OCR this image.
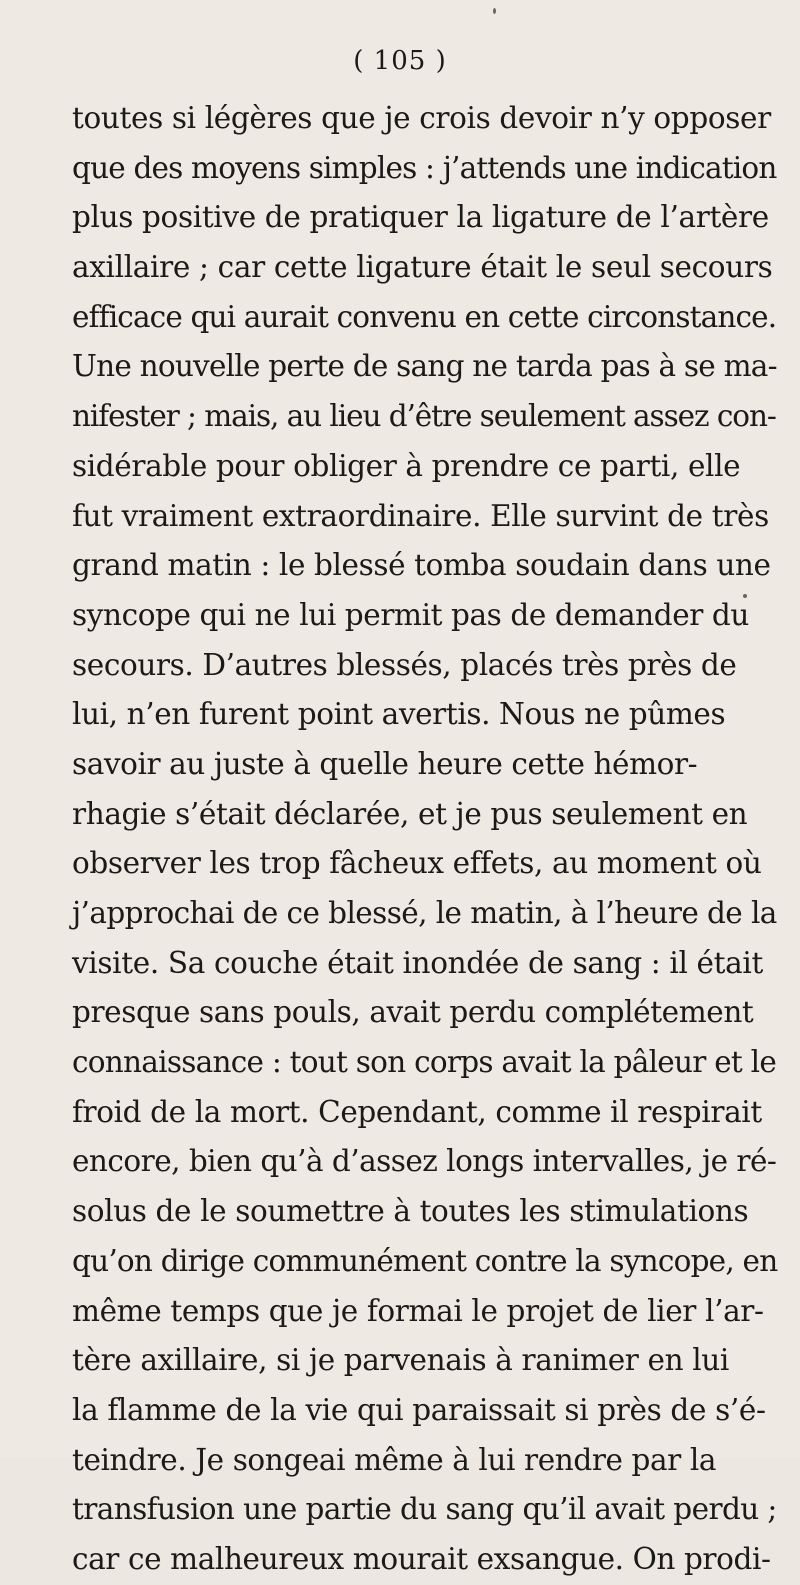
( 105 )
toutes si légères que je crois devoir n’y opposer
que des moyens simples : j’attends une indication
plus positive de pratiquer la ligature de l’artère
axillaire ; car cette ligature était le seul secours
efficace qui aurait convenu en cette circonstance.
Une nouvelle perte de sang ne tarda pas à se ma-
nifester ; mais, au lieu d’être seulement assez con-
sidérable pour obliger à prendre ce parti, elle
fut vraiment extraordinaire. Elle survint de très
grand matin : le blessé tomba soudain dans une
syncope qui ne lui permit pas de demander du
secours. D’autres blessés, placés très près de
lui, n’en furent point avertis. Nous ne pûmes
savoir au juste à quelle heure cette hémor-
rhagie s’était déclarée, et je pus seulement en
observer les trop fâcheux effets, au moment où
j’approchai de ce blessé, le matin, à l’heure de la
visite. Sa couche était inondée de sang : il était
presque sans pouls, avait perdu complétement
connaissance : tout son corps avait la pâleur et le
froid de la mort. Cependant, comme il respirait
encore, bien qu’à d’assez longs intervalles, je ré-
solus de le soumettre à toutes les stimulations
qu’on dirige communément contre la syncope, en
même temps que je formai le projet de lier l’ar-
tère axillaire, si je parvenais à ranimer en lui
la flamme de la vie qui paraissait si près de s’é-
teindre. Je songeai même à lui rendre par la
transfusion une partie du sang qu’il avait perdu ;
car ce malheureux mourait exsangue. On prodi-
